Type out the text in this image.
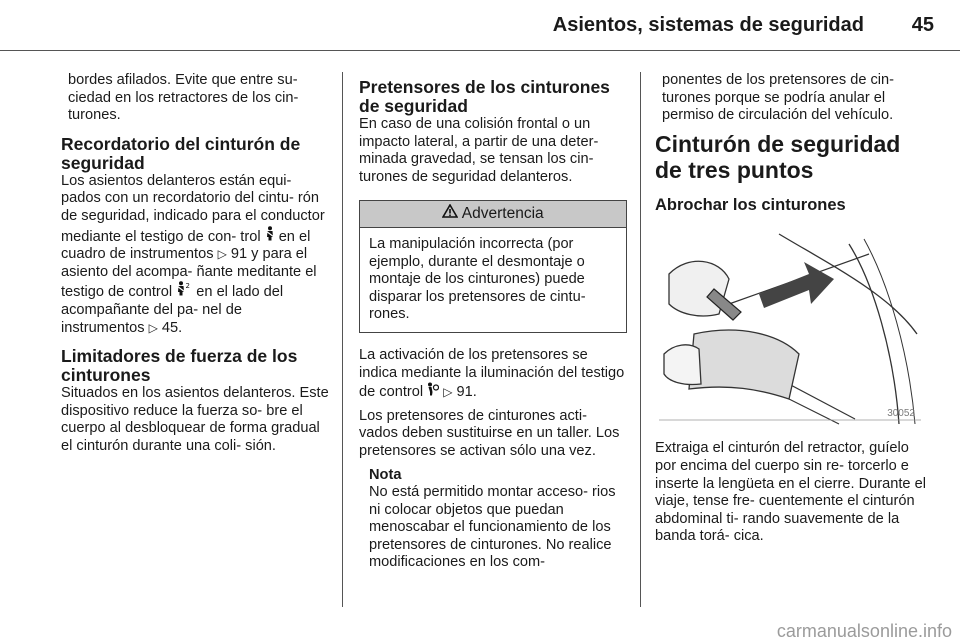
Asientos, sistemas de seguridad 45

bordes afilados. Evite que entre su- ciedad en los retractores de los cin- turones.

Recordatorio del cinturón de seguridad

Los asientos delanteros están equi- pados con un recordatorio del cintu- rón de seguridad, indicado para el conductor mediante el testigo de con- trol en el cuadro de instrumentos ▷ 91 y para el asiento del acompa- ñante meditante el testigo de control 2 en el lado del acompañante del pa- nel de instrumentos ▷ 45.

Limitadores de fuerza de los cinturones

Situados en los asientos delanteros. Este dispositivo reduce la fuerza so- bre el cuerpo al desbloquear de forma gradual el cinturón durante una coli- sión.

Pretensores de los cinturones de seguridad

En caso de una colisión frontal o un impacto lateral, a partir de una deter- minada gravedad, se tensan los cin- turones de seguridad delanteros.

Advertencia
La manipulación incorrecta (por ejemplo, durante el desmontaje o montaje de los cinturones) puede disparar los pretensores de cintu- rones.

La activación de los pretensores se indica mediante la iluminación del testigo de control ▷ 91.

Los pretensores de cinturones acti- vados deben sustituirse en un taller. Los pretensores se activan sólo una vez.

Nota
No está permitido montar acceso- rios ni colocar objetos que puedan menoscabar el funcionamiento de los pretensores de cinturones. No realice modificaciones en los com-

ponentes de los pretensores de cin- turones porque se podría anular el permiso de circulación del vehículo.

Cinturón de seguridad de tres puntos
Abrochar los cinturones
30052

Extraiga el cinturón del retractor, guíelo por encima del cuerpo sin re- torcerlo e inserte la lengüeta en el cierre. Durante el viaje, tense fre- cuentemente el cinturón abdominal ti- rando suavemente de la banda torá- cica.

carmanualsonline.info
